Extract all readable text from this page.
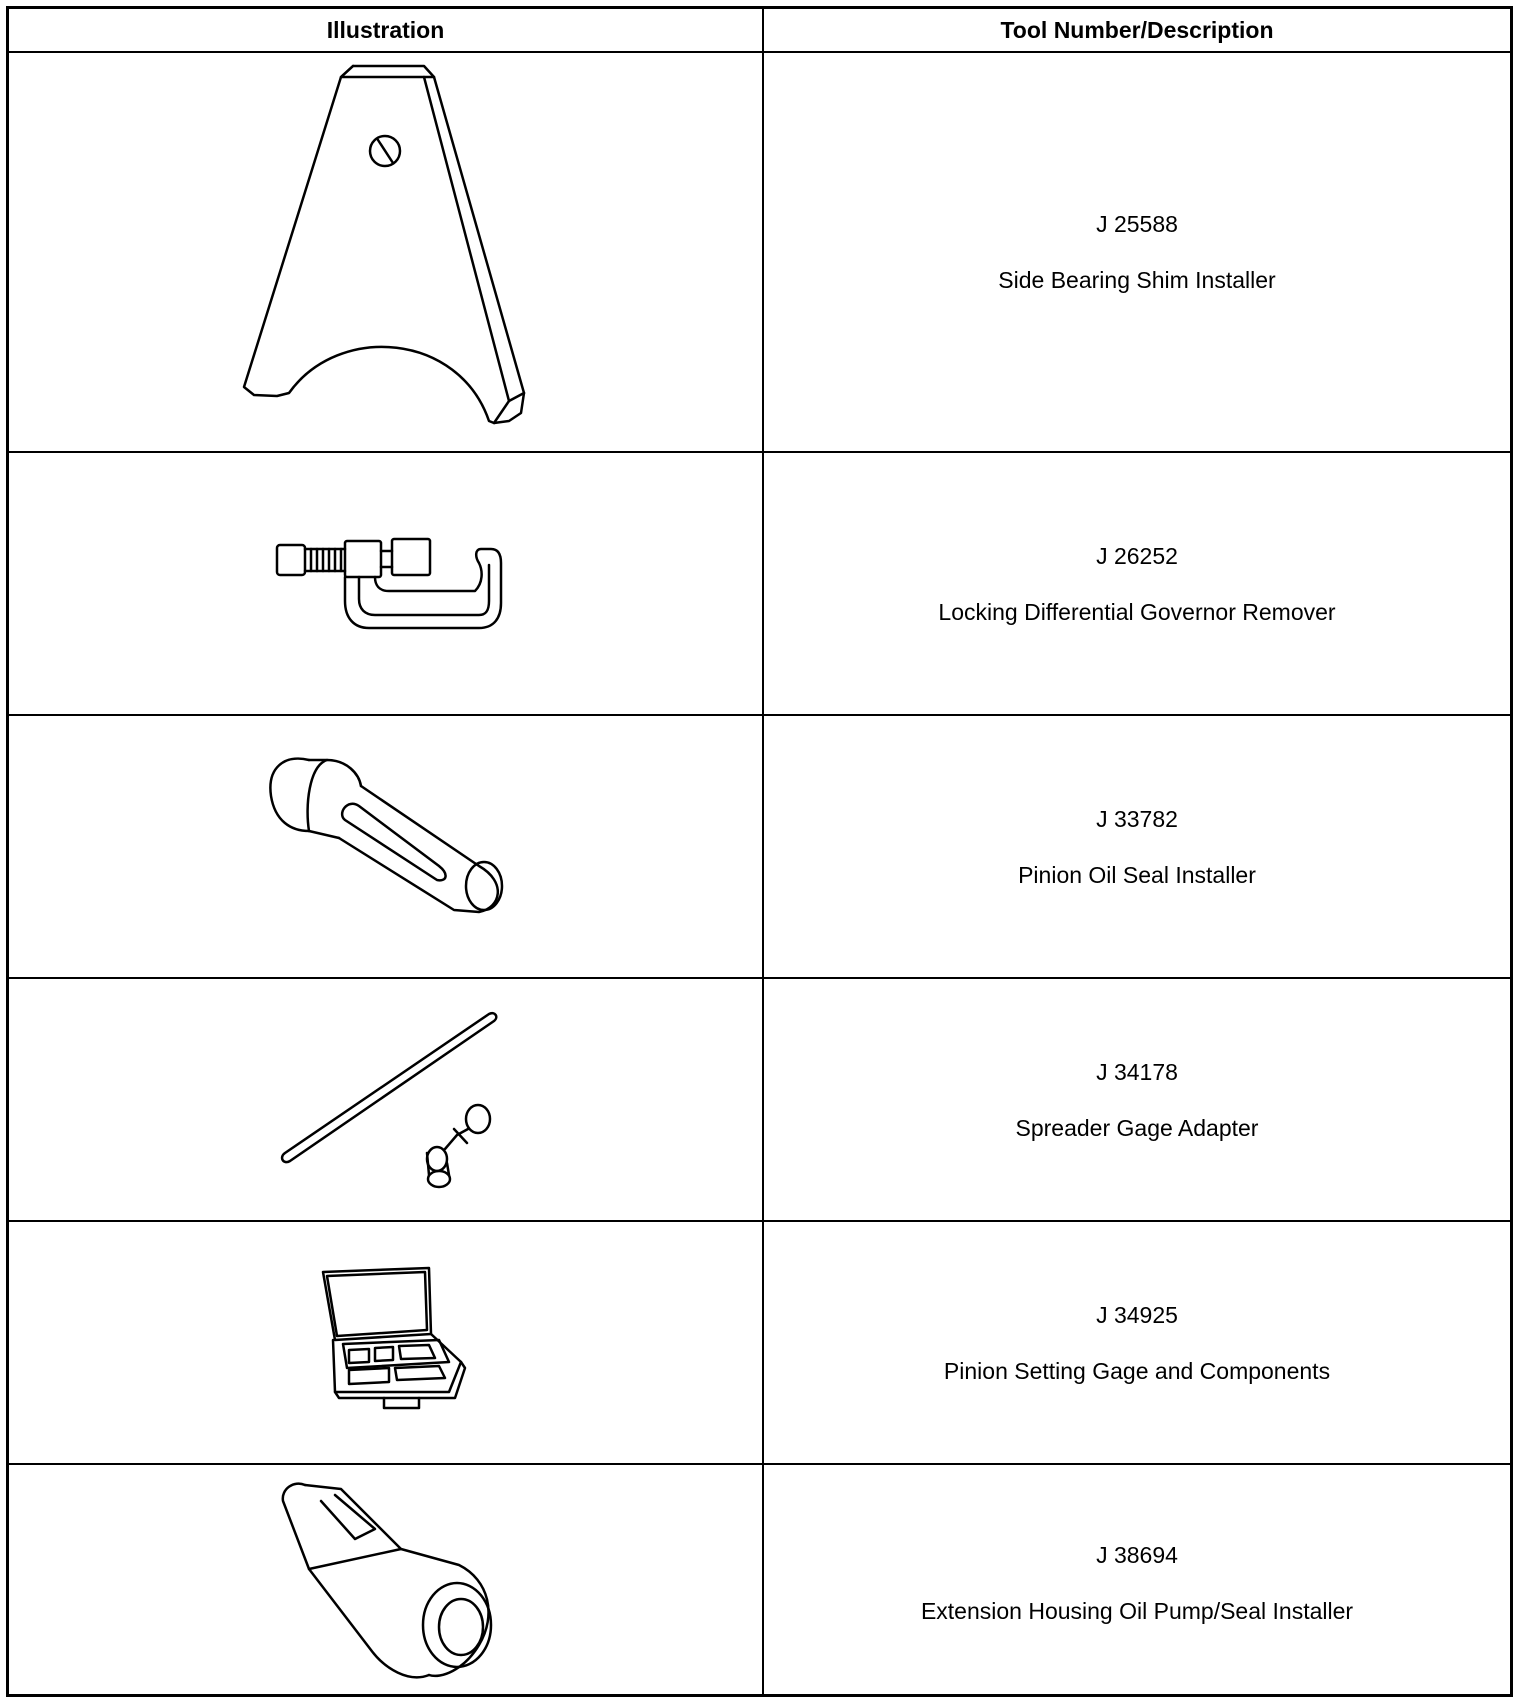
Illustration	Tool Number/Description
J 25588
Side Bearing Shim Installer
J 26252
Locking Differential Governor Remover
J 33782
Pinion Oil Seal Installer
J 34178
Spreader Gage Adapter
J 34925
Pinion Setting Gage and Components
J 38694
Extension Housing Oil Pump/Seal Installer
